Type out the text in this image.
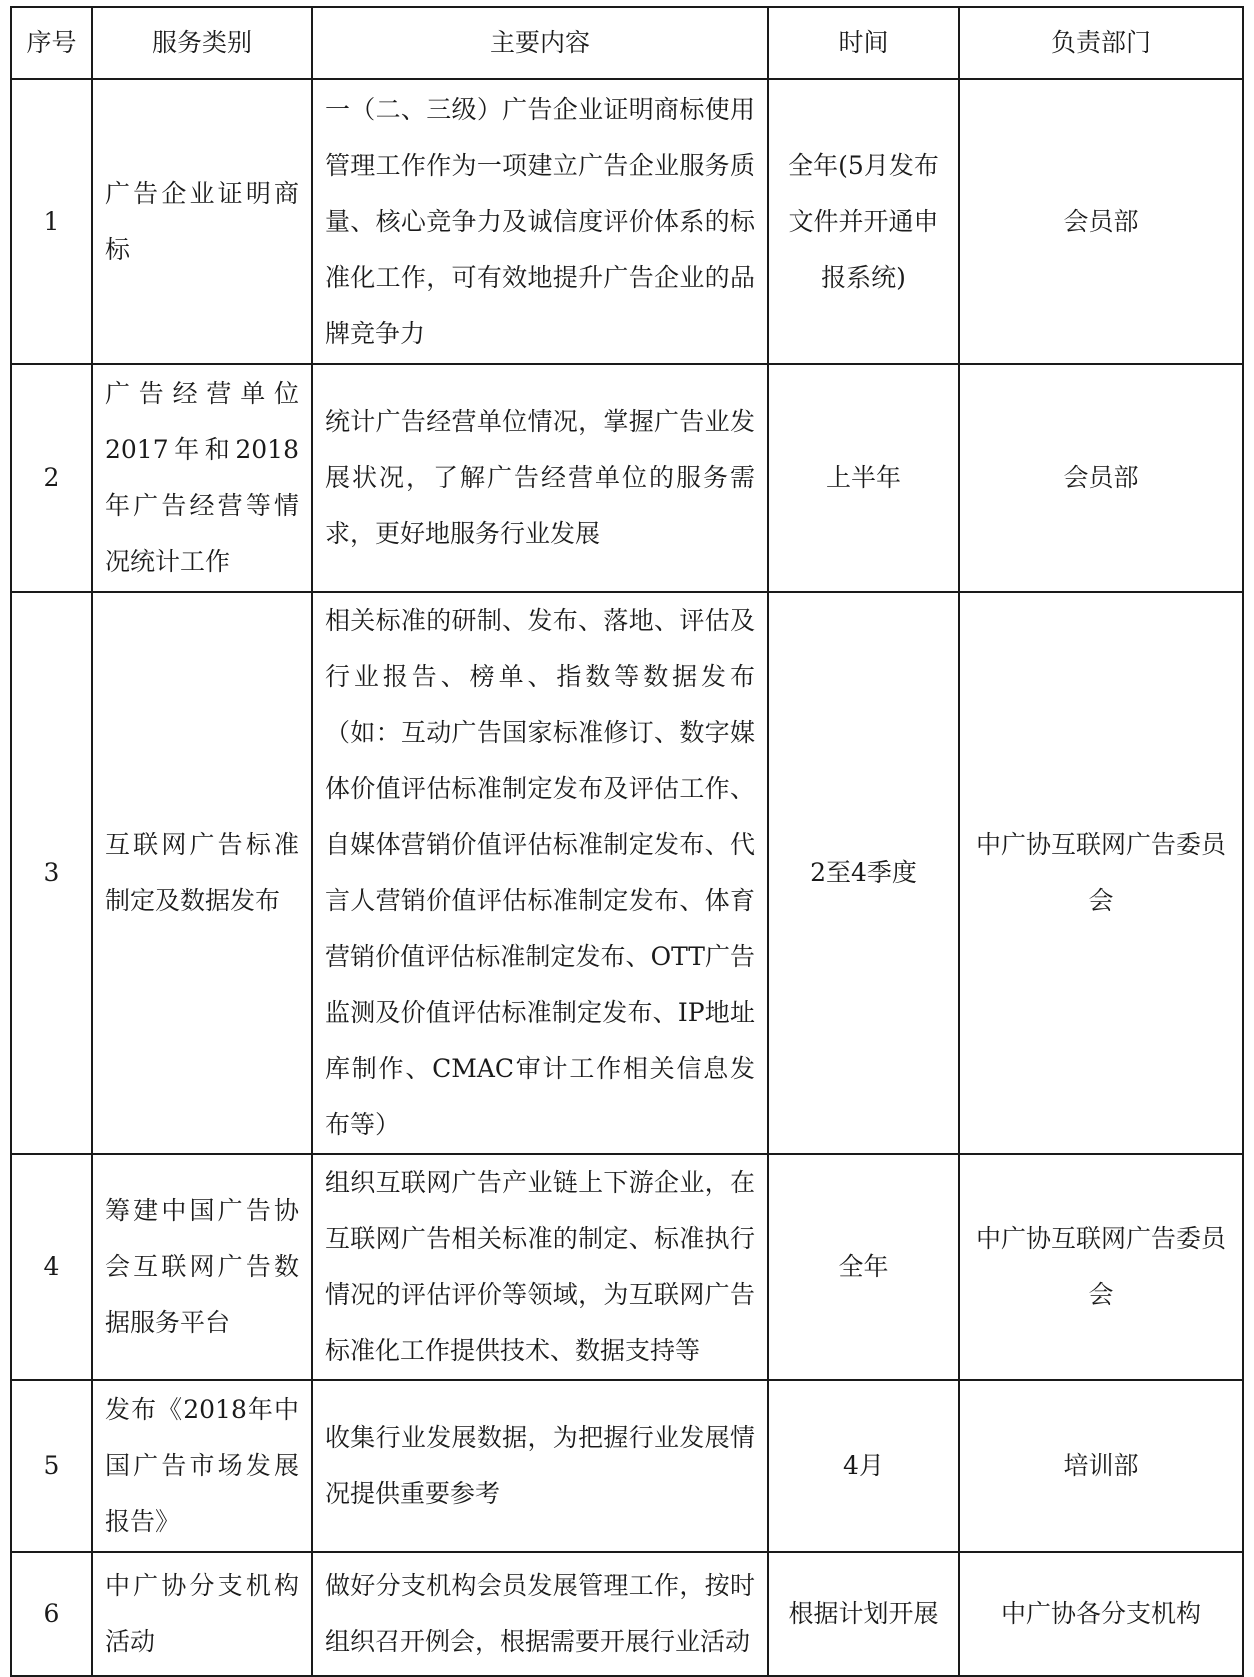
序号	服务类别	主要内容	时间	负责部门
1	广告企业证明商标	一（二、三级）广告企业证明商标使用管理工作作为一项建立广告企业服务质量、核心竞争力及诚信度评价体系的标准化工作，可有效地提升广告企业的品牌竞争力	全年(5月发布文件并开通申报系统)	会员部
2	广告经营单位2017年和2018年广告经营等情况统计工作	统计广告经营单位情况，掌握广告业发展状况，了解广告经营单位的服务需求，更好地服务行业发展	上半年	会员部
3	互联网广告标准制定及数据发布	相关标准的研制、发布、落地、评估及行业报告、榜单、指数等数据发布（如：互动广告国家标准修订、数字媒体价值评估标准制定发布及评估工作、自媒体营销价值评估标准制定发布、代言人营销价值评估标准制定发布、体育营销价值评估标准制定发布、OTT广告监测及价值评估标准制定发布、IP地址库制作、CMAC审计工作相关信息发布等）	2至4季度	中广协互联网广告委员会
4	筹建中国广告协会互联网广告数据服务平台	组织互联网广告产业链上下游企业，在互联网广告相关标准的制定、标准执行情况的评估评价等领域，为互联网广告标准化工作提供技术、数据支持等	全年	中广协互联网广告委员会
5	发布《2018年中国广告市场发展报告》	收集行业发展数据，为把握行业发展情况提供重要参考	4月	培训部
6	中广协分支机构活动	做好分支机构会员发展管理工作，按时组织召开例会，根据需要开展行业活动	根据计划开展	中广协各分支机构
